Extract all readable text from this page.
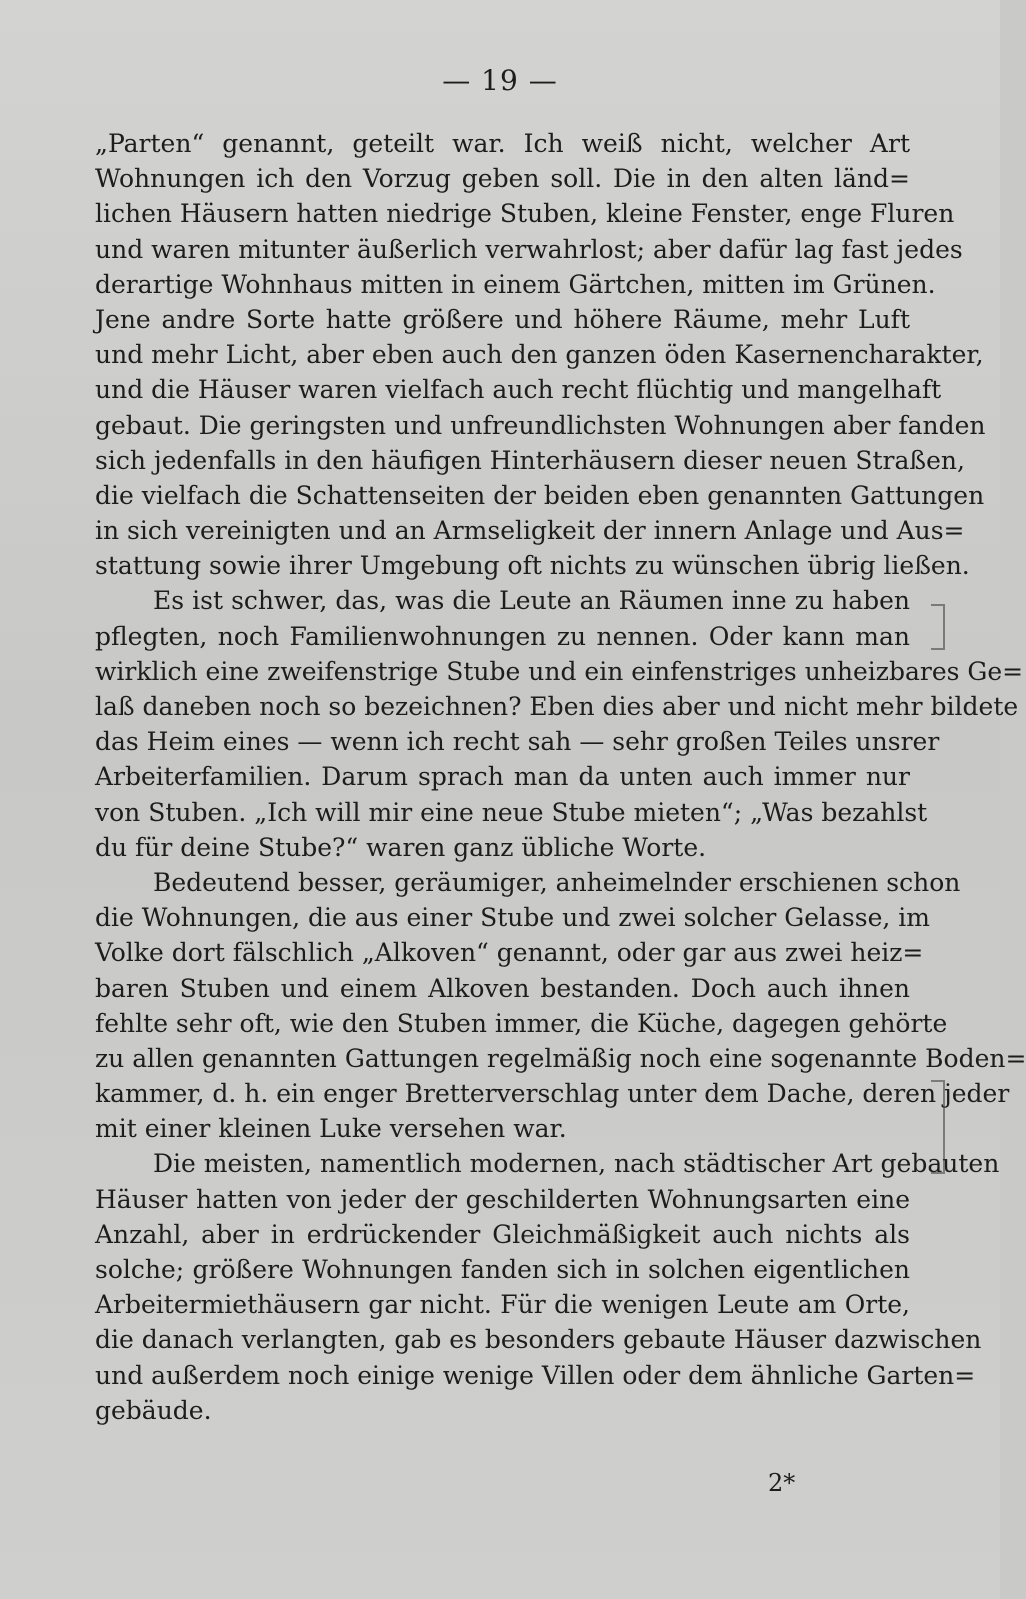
— 19 —
„Parten“ genannt, geteilt war. Ich weiß nicht, welcher Art
Wohnungen ich den Vorzug geben soll. Die in den alten länd=
lichen Häusern hatten niedrige Stuben, kleine Fenster, enge Fluren
und waren mitunter äußerlich verwahrlost; aber dafür lag fast jedes
derartige Wohnhaus mitten in einem Gärtchen, mitten im Grünen.
Jene andre Sorte hatte größere und höhere Räume, mehr Luft
und mehr Licht, aber eben auch den ganzen öden Kasernencharakter,
und die Häuser waren vielfach auch recht flüchtig und mangelhaft
gebaut. Die geringsten und unfreundlichsten Wohnungen aber fanden
sich jedenfalls in den häufigen Hinterhäusern dieser neuen Straßen,
die vielfach die Schattenseiten der beiden eben genannten Gattungen
in sich vereinigten und an Armseligkeit der innern Anlage und Aus=
stattung sowie ihrer Umgebung oft nichts zu wünschen übrig ließen.
Es ist schwer, das, was die Leute an Räumen inne zu haben
pflegten, noch Familienwohnungen zu nennen. Oder kann man
wirklich eine zweifenstrige Stube und ein einfenstriges unheizbares Ge=
laß daneben noch so bezeichnen? Eben dies aber und nicht mehr bildete
das Heim eines — wenn ich recht sah — sehr großen Teiles unsrer
Arbeiterfamilien. Darum sprach man da unten auch immer nur
von Stuben. „Ich will mir eine neue Stube mieten“; „Was bezahlst
du für deine Stube?“ waren ganz übliche Worte.
Bedeutend besser, geräumiger, anheimelnder erschienen schon
die Wohnungen, die aus einer Stube und zwei solcher Gelasse, im
Volke dort fälschlich „Alkoven“ genannt, oder gar aus zwei heiz=
baren Stuben und einem Alkoven bestanden. Doch auch ihnen
fehlte sehr oft, wie den Stuben immer, die Küche, dagegen gehörte
zu allen genannten Gattungen regelmäßig noch eine sogenannte Boden=
kammer, d. h. ein enger Bretterverschlag unter dem Dache, deren jeder
mit einer kleinen Luke versehen war.
Die meisten, namentlich modernen, nach städtischer Art gebauten
Häuser hatten von jeder der geschilderten Wohnungsarten eine
Anzahl, aber in erdrückender Gleichmäßigkeit auch nichts als
solche; größere Wohnungen fanden sich in solchen eigentlichen
Arbeitermiethäusern gar nicht. Für die wenigen Leute am Orte,
die danach verlangten, gab es besonders gebaute Häuser dazwischen
und außerdem noch einige wenige Villen oder dem ähnliche Garten=
gebäude.
2*
